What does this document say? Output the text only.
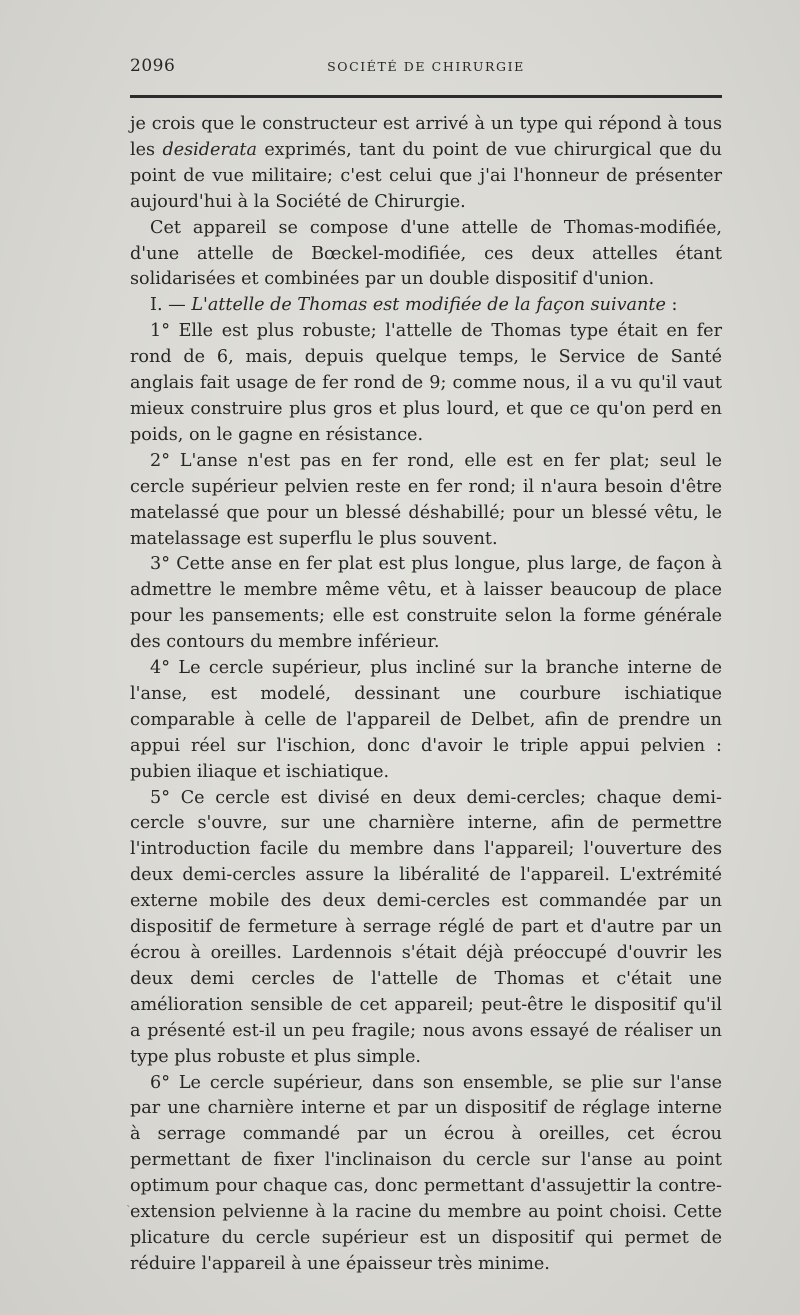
2096	SOCIÉTÉ DE CHIRURGIE

je crois que le constructeur est arrivé à un type qui répond à tous les desiderata exprimés, tant du point de vue chirurgical que du point de vue militaire; c'est celui que j'ai l'honneur de présenter aujourd'hui à la Société de Chirurgie.

Cet appareil se compose d'une attelle de Thomas-modifiée, d'une attelle de Bœckel-modifiée, ces deux attelles étant solidarisées et combinées par un double dispositif d'union.

I. — L'attelle de Thomas est modifiée de la façon suivante :

1° Elle est plus robuste; l'attelle de Thomas type était en fer rond de 6, mais, depuis quelque temps, le Service de Santé anglais fait usage de fer rond de 9; comme nous, il a vu qu'il vaut mieux construire plus gros et plus lourd, et que ce qu'on perd en poids, on le gagne en résistance.

2° L'anse n'est pas en fer rond, elle est en fer plat; seul le cercle supérieur pelvien reste en fer rond; il n'aura besoin d'être matelassé que pour un blessé déshabillé; pour un blessé vêtu, le matelassage est superflu le plus souvent.

3° Cette anse en fer plat est plus longue, plus large, de façon à admettre le membre même vêtu, et à laisser beaucoup de place pour les pansements; elle est construite selon la forme générale des contours du membre inférieur.

4° Le cercle supérieur, plus incliné sur la branche interne de l'anse, est modelé, dessinant une courbure ischiatique comparable à celle de l'appareil de Delbet, afin de prendre un appui réel sur l'ischion, donc d'avoir le triple appui pelvien : pubien iliaque et ischiatique.

5° Ce cercle est divisé en deux demi-cercles; chaque demi-cercle s'ouvre, sur une charnière interne, afin de permettre l'introduction facile du membre dans l'appareil; l'ouverture des deux demi-cercles assure la libéralité de l'appareil. L'extrémité externe mobile des deux demi-cercles est commandée par un dispositif de fermeture à serrage réglé de part et d'autre par un écrou à oreilles. Lardennois s'était déjà préoccupé d'ouvrir les deux demi cercles de l'attelle de Thomas et c'était une amélioration sensible de cet appareil; peut-être le dispositif qu'il a présenté est-il un peu fragile; nous avons essayé de réaliser un type plus robuste et plus simple.

6° Le cercle supérieur, dans son ensemble, se plie sur l'anse par une charnière interne et par un dispositif de réglage interne à serrage commandé par un écrou à oreilles, cet écrou permettant de fixer l'inclinaison du cercle sur l'anse au point optimum pour chaque cas, donc permettant d'assujettir la contre-extension pelvienne à la racine du membre au point choisi. Cette plicature du cercle supérieur est un dispositif qui permet de réduire l'appareil à une épaisseur très minime.

`
